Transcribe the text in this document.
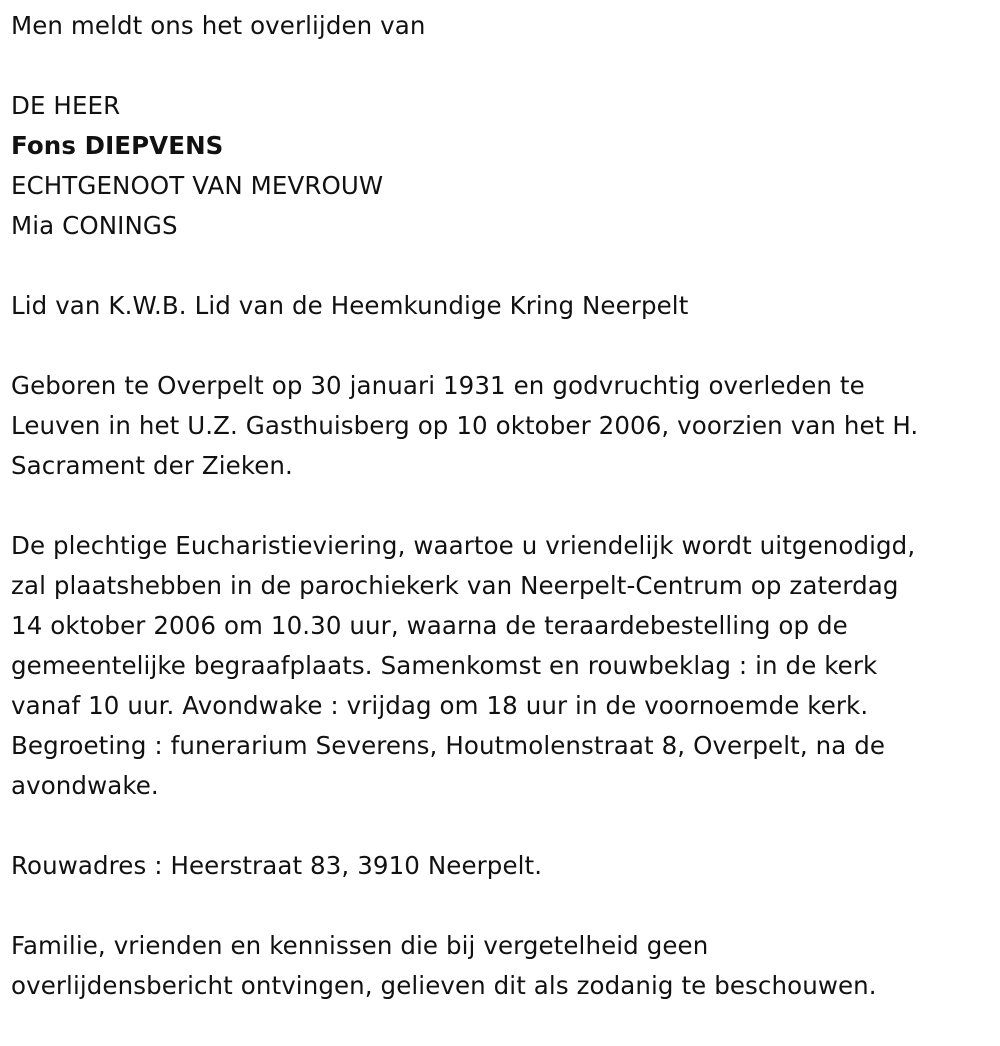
Men meldt ons het overlijden van

DE HEER

Fons DIEPVENS

ECHTGENOOT VAN MEVROUW

Mia CONINGS

Lid van K.W.B. Lid van de Heemkundige Kring Neerpelt

Geboren te Overpelt op 30 januari 1931 en godvruchtig overleden te

Leuven in het U.Z. Gasthuisberg op 10 oktober 2006, voorzien van het H.

Sacrament der Zieken.

De plechtige Eucharistieviering, waartoe u vriendelijk wordt uitgenodigd,

zal plaatshebben in de parochiekerk van Neerpelt-Centrum op zaterdag

14 oktober 2006 om 10.30 uur, waarna de teraardebestelling op de

gemeentelijke begraafplaats. Samenkomst en rouwbeklag : in de kerk

vanaf 10 uur. Avondwake : vrijdag om 18 uur in de voornoemde kerk.

Begroeting : funerarium Severens, Houtmolenstraat 8, Overpelt, na de

avondwake.

Rouwadres : Heerstraat 83, 3910 Neerpelt.

Familie, vrienden en kennissen die bij vergetelheid geen

overlijdensbericht ontvingen, gelieven dit als zodanig te beschouwen.
